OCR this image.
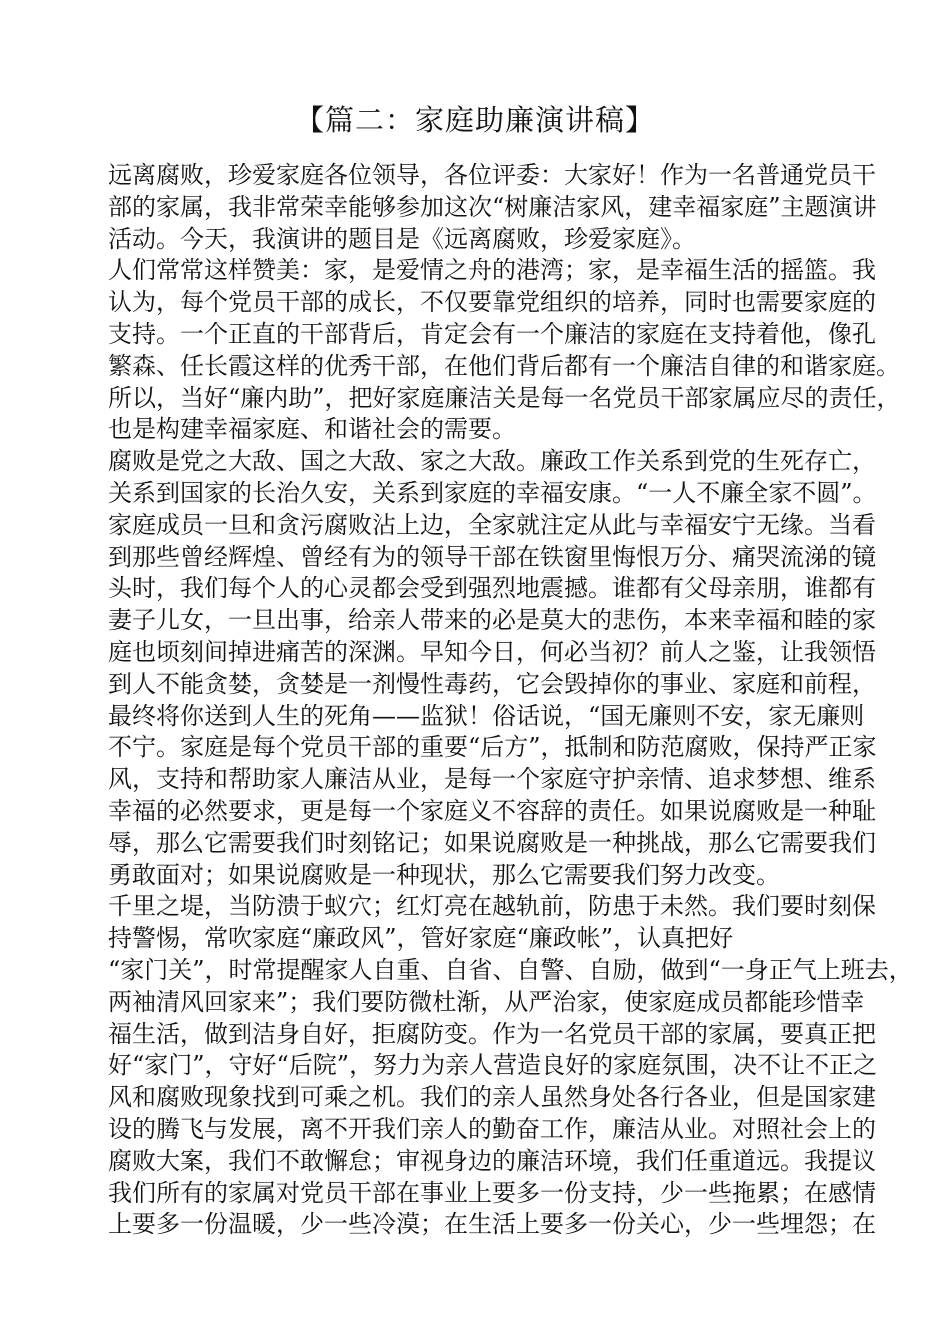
【篇二：家庭助廉演讲稿】
远离腐败，珍爱家庭各位领导，各位评委：大家好！作为一名普通党员干
部的家属，我非常荣幸能够参加这次“树廉洁家风，建幸福家庭”主题演讲
活动。今天，我演讲的题目是《远离腐败，珍爱家庭》。
人们常常这样赞美：家，是爱情之舟的港湾；家，是幸福生活的摇篮。我
认为，每个党员干部的成长，不仅要靠党组织的培养，同时也需要家庭的
支持。一个正直的干部背后，肯定会有一个廉洁的家庭在支持着他，像孔
繁森、任长霞这样的优秀干部，在他们背后都有一个廉洁自律的和谐家庭。
所以，当好“廉内助”，把好家庭廉洁关是每一名党员干部家属应尽的责任，
也是构建幸福家庭、和谐社会的需要。
腐败是党之大敌、国之大敌、家之大敌。廉政工作关系到党的生死存亡，
关系到国家的长治久安，关系到家庭的幸福安康。“一人不廉全家不圆”。
家庭成员一旦和贪污腐败沾上边，全家就注定从此与幸福安宁无缘。当看
到那些曾经辉煌、曾经有为的领导干部在铁窗里悔恨万分、痛哭流涕的镜
头时，我们每个人的心灵都会受到强烈地震撼。谁都有父母亲朋，谁都有
妻子儿女，一旦出事，给亲人带来的必是莫大的悲伤，本来幸福和睦的家
庭也顷刻间掉进痛苦的深渊。早知今日，何必当初？前人之鉴，让我领悟
到人不能贪婪，贪婪是一剂慢性毒药，它会毁掉你的事业、家庭和前程，
最终将你送到人生的死角——监狱！俗话说，“国无廉则不安，家无廉则
不宁。家庭是每个党员干部的重要“后方”，抵制和防范腐败，保持严正家
风，支持和帮助家人廉洁从业，是每一个家庭守护亲情、追求梦想、维系
幸福的必然要求，更是每一个家庭义不容辞的责任。如果说腐败是一种耻
辱，那么它需要我们时刻铭记；如果说腐败是一种挑战，那么它需要我们
勇敢面对；如果说腐败是一种现状，那么它需要我们努力改变。
千里之堤，当防溃于蚁穴；红灯亮在越轨前，防患于未然。我们要时刻保
持警惕，常吹家庭“廉政风”，管好家庭“廉政帐”，认真把好
“家门关”，时常提醒家人自重、自省、自警、自励，做到“一身正气上班去，
两袖清风回家来”；我们要防微杜渐，从严治家，使家庭成员都能珍惜幸
福生活，做到洁身自好，拒腐防变。作为一名党员干部的家属，要真正把
好“家门”，守好“后院”，努力为亲人营造良好的家庭氛围，决不让不正之
风和腐败现象找到可乘之机。我们的亲人虽然身处各行各业，但是国家建
设的腾飞与发展，离不开我们亲人的勤奋工作，廉洁从业。对照社会上的
腐败大案，我们不敢懈怠；审视身边的廉洁环境，我们任重道远。我提议
我们所有的家属对党员干部在事业上要多一份支持，少一些拖累；在感情
上要多一份温暖，少一些冷漠；在生活上要多一份关心，少一些埋怨；在
